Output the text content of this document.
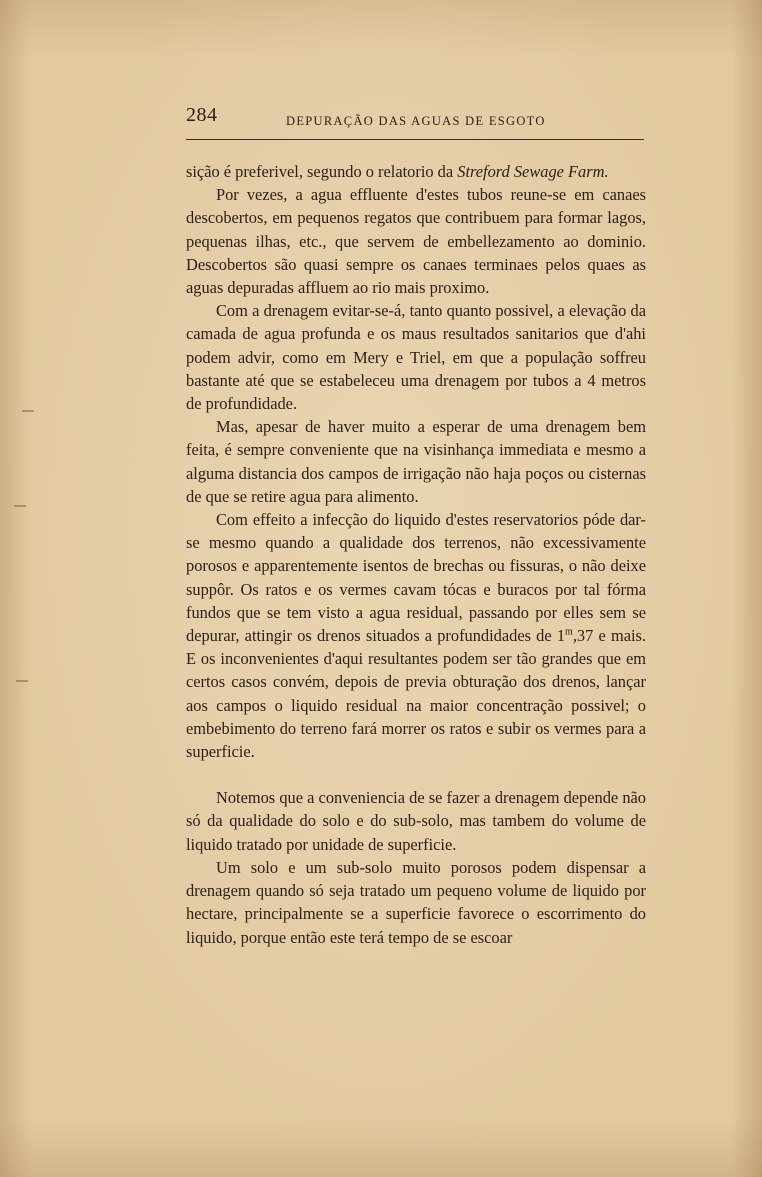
284	DEPURAÇÃO DAS AGUAS DE ESGOTO

sição é preferivel, segundo o relatorio da Streford Sewage Farm.

Por vezes, a agua effluente d'estes tubos reune-se em canaes descobertos, em pequenos regatos que contribuem para formar lagos, pequenas ilhas, etc., que servem de embellezamento ao dominio. Descobertos são quasi sempre os canaes terminaes pelos quaes as aguas depuradas affluem ao rio mais proximo.

Com a drenagem evitar-se-á, tanto quanto possivel, a elevação da camada de agua profunda e os maus resultados sanitarios que d'ahi podem advir, como em Mery e Triel, em que a população soffreu bastante até que se estabeleceu uma drenagem por tubos a 4 metros de profundidade.

Mas, apesar de haver muito a esperar de uma drenagem bem feita, é sempre conveniente que na visinhança immediata e mesmo a alguma distancia dos campos de irrigação não haja poços ou cisternas de que se retire agua para alimento.

Com effeito a infecção do liquido d'estes reservatorios póde dar-se mesmo quando a qualidade dos terrenos, não excessivamente porosos e apparentemente isentos de brechas ou fissuras, o não deixe suppôr. Os ratos e os vermes cavam tócas e buracos por tal fórma fundos que se tem visto a agua residual, passando por elles sem se depurar, attingir os drenos situados a profundidades de 1$^m$,37 e mais. E os inconvenientes d'aqui resultantes podem ser tão grandes que em certos casos convém, depois de previa obturação dos drenos, lançar aos campos o liquido residual na maior concentração possivel; o embebimento do terreno fará morrer os ratos e subir os vermes para a superficie.

Notemos que a conveniencia de se fazer a drenagem depende não só da qualidade do solo e do sub-solo, mas tambem do volume de liquido tratado por unidade de superficie.

Um solo e um sub-solo muito porosos podem dispensar a drenagem quando só seja tratado um pequeno volume de liquido por hectare, principalmente se a superficie favorece o escorrimento do liquido, porque então este terá tempo de se escoar
